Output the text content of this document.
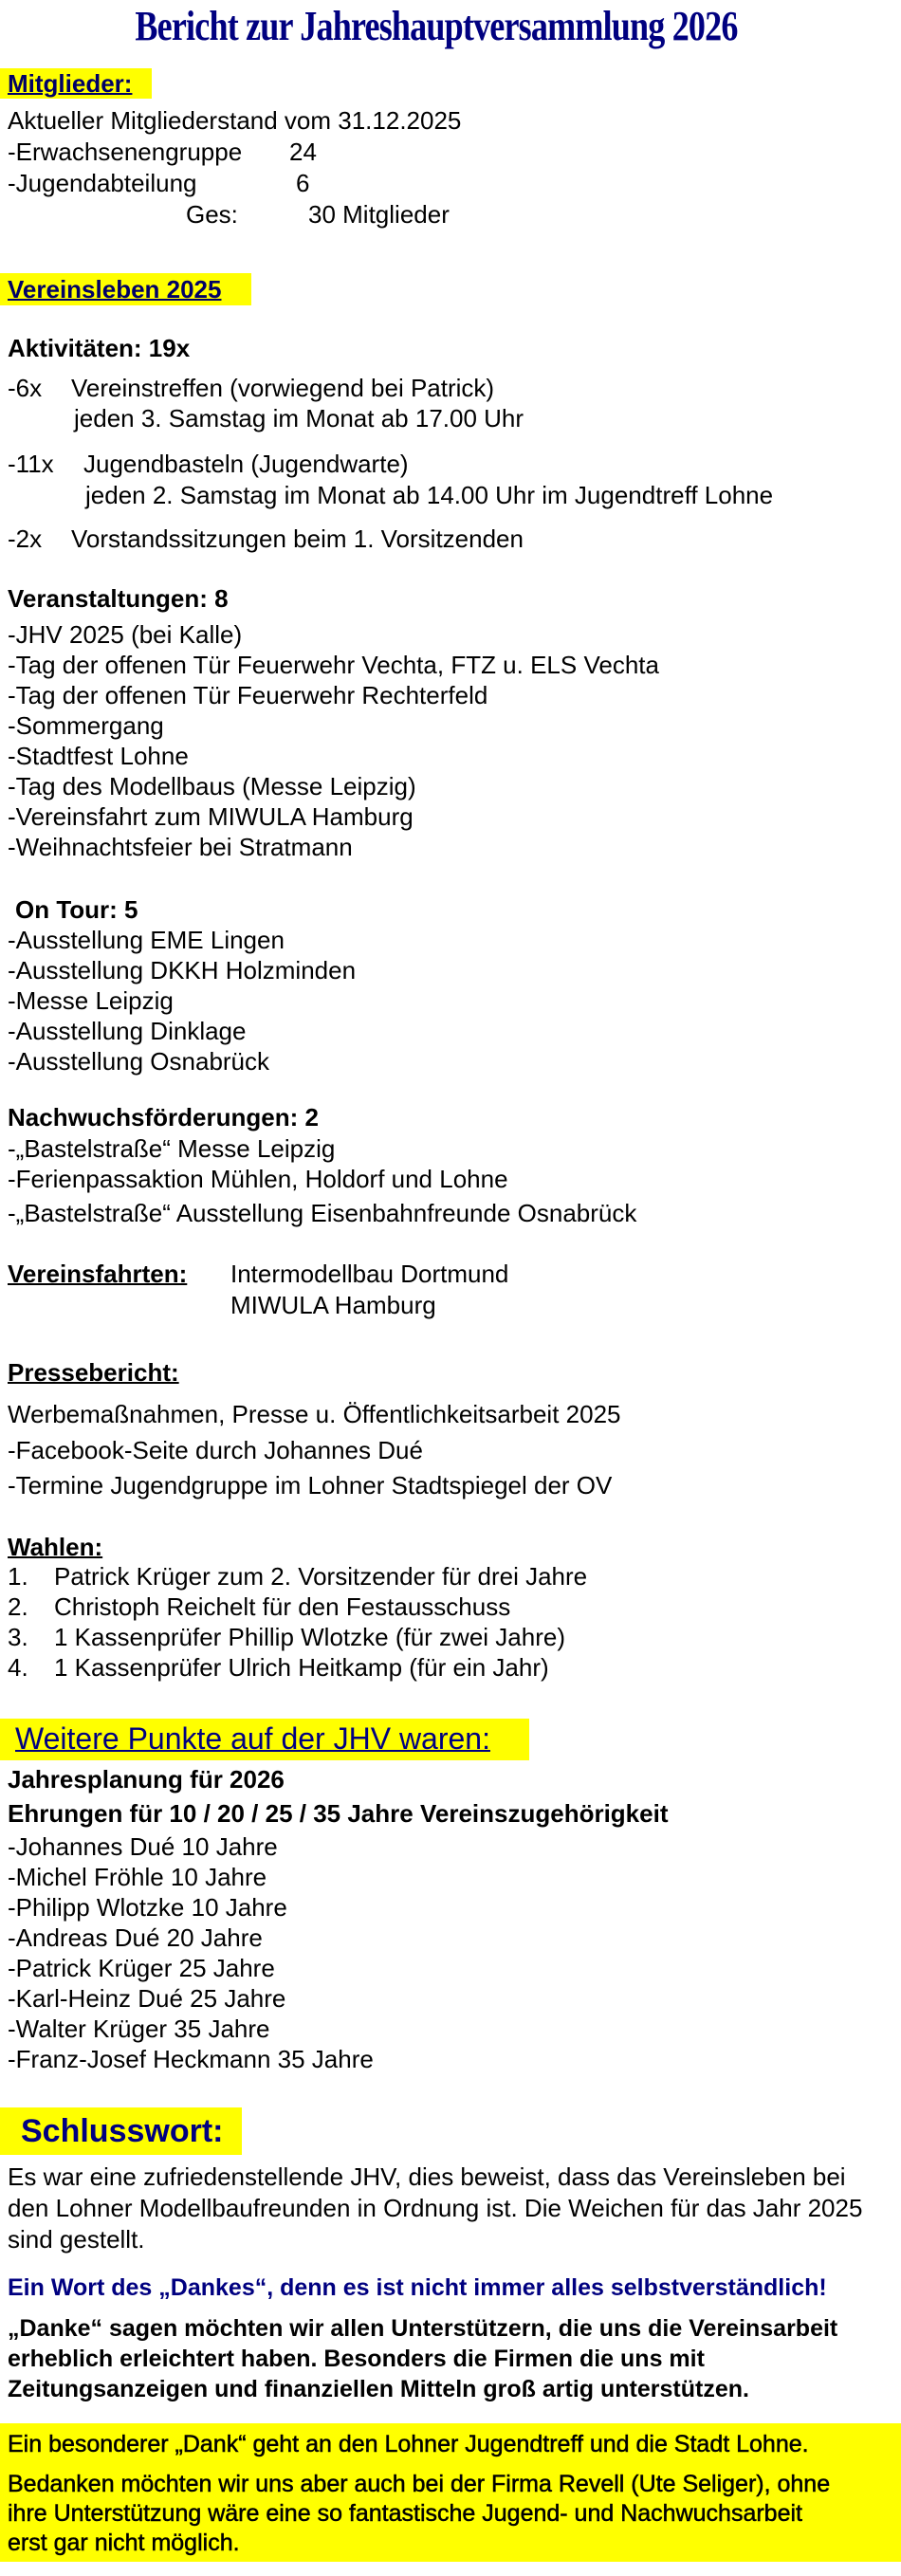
Bericht zur Jahreshauptversammlung 2026
Mitglieder:
Aktueller Mitgliederstand vom 31.12.2025
-Erwachsenengruppe 24
-Jugendabteilung	6
Ges:	30 Mitglieder
Vereinsleben 2025
Aktivitäten: 19x
-6x Vereinstreffen (vorwiegend bei Patrick)
jeden 3. Samstag im Monat ab 17.00 Uhr
-11x Jugendbasteln (Jugendwarte)
jeden 2. Samstag im Monat ab 14.00 Uhr im Jugendtreff Lohne
-2x Vorstandssitzungen beim 1. Vorsitzenden
Veranstaltungen: 8
-JHV 2025 (bei Kalle)
-Tag der offenen Tür Feuerwehr Vechta, FTZ u. ELS Vechta
-Tag der offenen Tür Feuerwehr Rechterfeld
-Sommergang
-Stadtfest Lohne
-Tag des Modellbaus (Messe Leipzig)
-Vereinsfahrt zum MIWULA Hamburg
-Weihnachtsfeier bei Stratmann
On Tour: 5
-Ausstellung EME Lingen
-Ausstellung DKKH Holzminden
-Messe Leipzig
-Ausstellung Dinklage
-Ausstellung Osnabrück
Nachwuchsförderungen: 2
-„Bastelstraße“ Messe Leipzig
-Ferienpassaktion Mühlen, Holdorf und Lohne
-„Bastelstraße“ Ausstellung Eisenbahnfreunde Osnabrück
Vereinsfahrten: Intermodellbau Dortmund
MIWULA Hamburg
Pressebericht:
Werbemaßnahmen, Presse u. Öffentlichkeitsarbeit 2025
-Facebook-Seite durch Johannes Dué
-Termine Jugendgruppe im Lohner Stadtspiegel der OV
Wahlen:
1. Patrick Krüger zum 2. Vorsitzender für drei Jahre
2. Christoph Reichelt für den Festausschuss
3. 1 Kassenprüfer Phillip Wlotzke (für zwei Jahre)
4. 1 Kassenprüfer Ulrich Heitkamp (für ein Jahr)
Weitere Punkte auf der JHV waren:
Jahresplanung für 2026
Ehrungen für 10 / 20 / 25 / 35 Jahre Vereinszugehörigkeit
-Johannes Dué 10 Jahre
-Michel Fröhle 10 Jahre
-Philipp Wlotzke 10 Jahre
-Andreas Dué 20 Jahre
-Patrick Krüger 25 Jahre
-Karl-Heinz Dué 25 Jahre
-Walter Krüger 35 Jahre
-Franz-Josef Heckmann 35 Jahre
Schlusswort:
Es war eine zufriedenstellende JHV, dies beweist, dass das Vereinsleben bei
den Lohner Modellbaufreunden in Ordnung ist. Die Weichen für das Jahr 2025
sind gestellt.
Ein Wort des „Dankes“, denn es ist nicht immer alles selbstverständlich!
„Danke“ sagen möchten wir allen Unterstützern, die uns die Vereinsarbeit
erheblich erleichtert haben. Besonders die Firmen die uns mit
Zeitungsanzeigen und finanziellen Mitteln groß artig unterstützen.
Ein besonderer „Dank“ geht an den Lohner Jugendtreff und die Stadt Lohne.
Bedanken möchten wir uns aber auch bei der Firma Revell (Ute Seliger), ohne
ihre Unterstützung wäre eine so fantastische Jugend- und Nachwuchsarbeit
erst gar nicht möglich.
